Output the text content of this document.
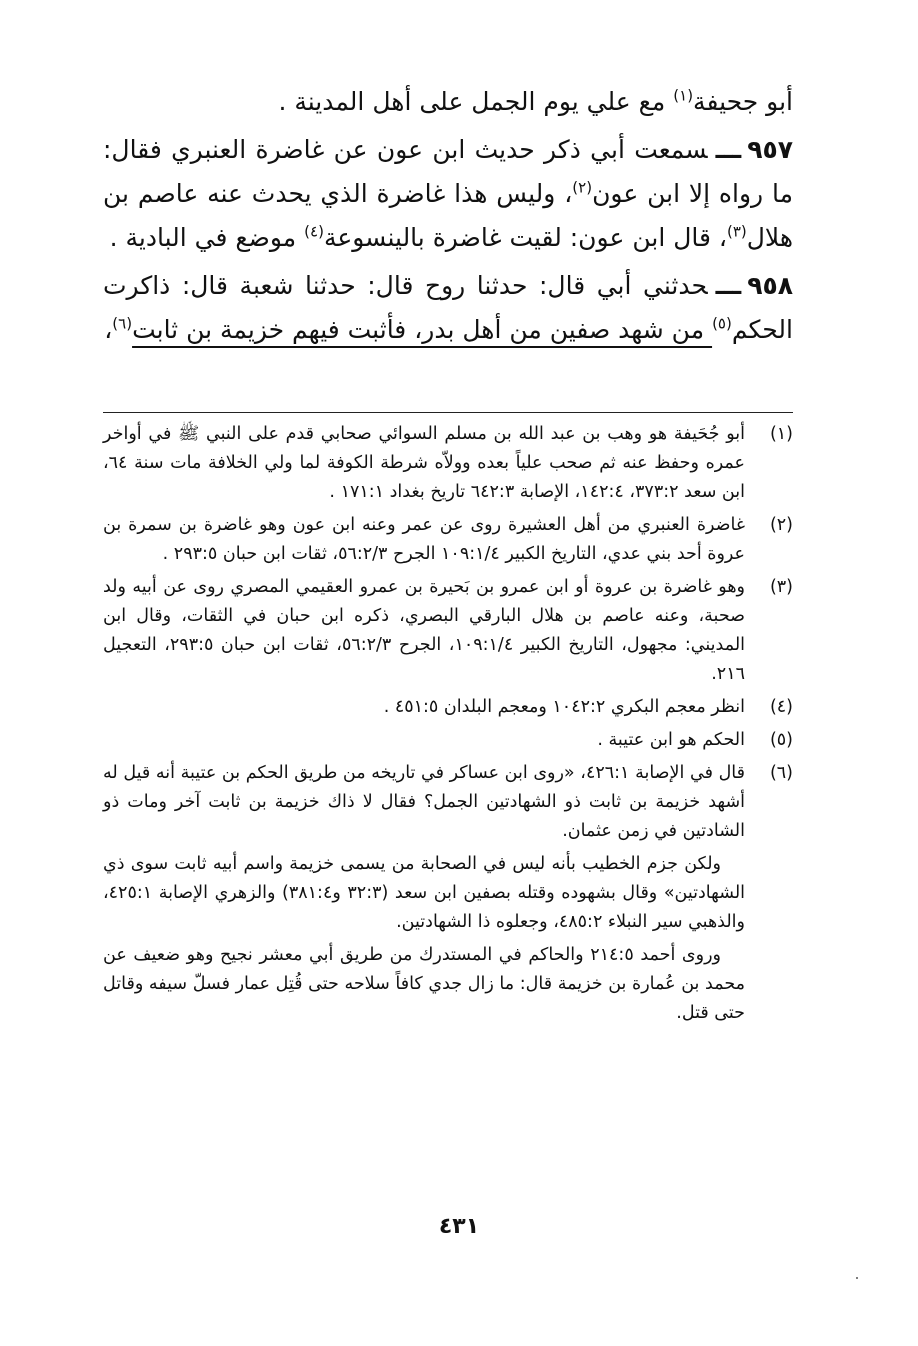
أبو جحيفة$^{(١)}$ مع علي يوم الجمل على أهل المدينة .

٩٥٧ـــسمعت أبي ذكر حديث ابن عون عن غاضرة العنبري فقال: ما رواه إلا ابن عون$^{(٢)}$، وليس هذا غاضرة الذي يحدث عنه عاصم بن هلال$^{(٣)}$، قال ابن عون: لقيت غاضرة بالينسوعة$^{(٤)}$ موضع في البادية .

٩٥٨ـــحدثني أبي قال: حدثنا روح قال: حدثنا شعبة قال: ذاكرت الحكم$^{(٥)}$ من شهد صفين من أهل بدر، فأثبت فيهم خزيمة بن ثابت$^{(٦)}$،

(١)
أبو جُحَيفة هو وهب بن عبد الله بن مسلم السوائي صحابي قدم على النبي ﷺ في أواخر عمره وحفظ عنه ثم صحب علياً بعده وولاّه شرطة الكوفة لما ولي الخلافة مات سنة ٦٤، ابن سعد ٣٧٣:٢، ١٤٢:٤، الإصابة ٦٤٢:٣ تاريخ بغداد ١٧١:١ .
(٢)
غاضرة العنبري من أهل العشيرة روى عن عمر وعنه ابن عون وهو غاضرة بن سمرة بن عروة أحد بني عدي، التاريخ الكبير ١٠٩:١/٤ الجرح ٥٦:٢/٣، ثقات ابن حبان ٢٩٣:٥ .
(٣)
وهو غاضرة بن عروة أو ابن عمرو بن بَحيرة بن عمرو العقيمي المصري روى عن أبيه ولد صحبة، وعنه عاصم بن هلال البارقي البصري، ذكره ابن حبان في الثقات، وقال ابن المديني: مجهول، التاريخ الكبير ١٠٩:١/٤، الجرح ٥٦:٢/٣، ثقات ابن حبان ٢٩٣:٥، التعجيل ٢١٦.
(٤)
انظر معجم البكري ١٠٤٢:٢ ومعجم البلدان ٤٥١:٥ .
(٥)
الحكم هو ابن عتيبة .
(٦)
قال في الإصابة ٤٢٦:١، «روى ابن عساكر في تاريخه من طريق الحكم بن عتيبة أنه قيل له أشهد خزيمة بن ثابت ذو الشهادتين الجمل؟ فقال لا ذاك خزيمة بن ثابت آخر ومات ذو الشادتين في زمن عثمان.

ولكن جزم الخطيب بأنه ليس في الصحابة من يسمى خزيمة واسم أبيه ثابت سوى ذي الشهادتين» وقال بشهوده وقتله بصفين ابن سعد (٣٢:٣ و٣٨١:٤) والزهري الإصابة ٤٢٥:١، والذهبي سير النبلاء ٤٨٥:٢، وجعلوه ذا الشهادتين.

وروى أحمد ٢١٤:٥ والحاكم في المستدرك من طريق أبي معشر نجيح وهو ضعيف عن محمد بن عُمارة بن خزيمة قال: ما زال جدي كافاً سلاحه حتى قُتِل عمار فسلّ سيفه وقاتل حتى قتل.

٤٣١
